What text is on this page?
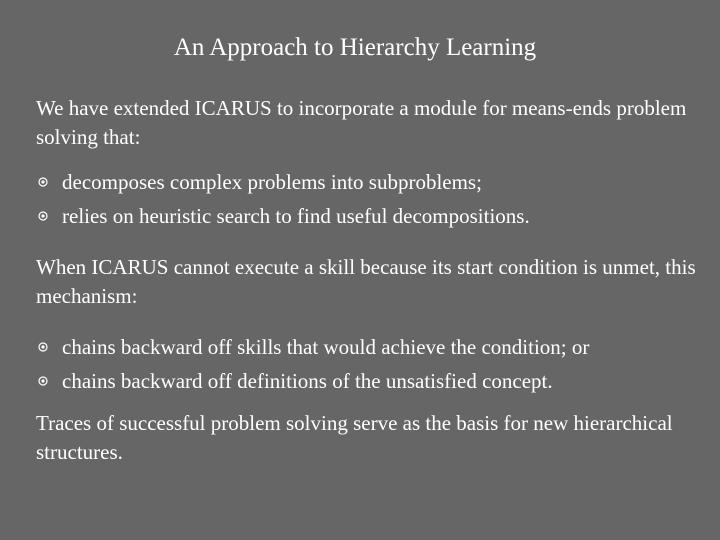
An Approach to Hierarchy Learning

We have extended ICARUS to incorporate a module for means-ends problem solving that:

decomposes complex problems into subproblems;
relies on heuristic search to find useful decompositions.

When ICARUS cannot execute a skill because its start condition is unmet, this mechanism:

chains backward off skills that would achieve the condition; or
chains backward off definitions of the unsatisfied concept.

Traces of successful problem solving serve as the basis for new hierarchical structures.
